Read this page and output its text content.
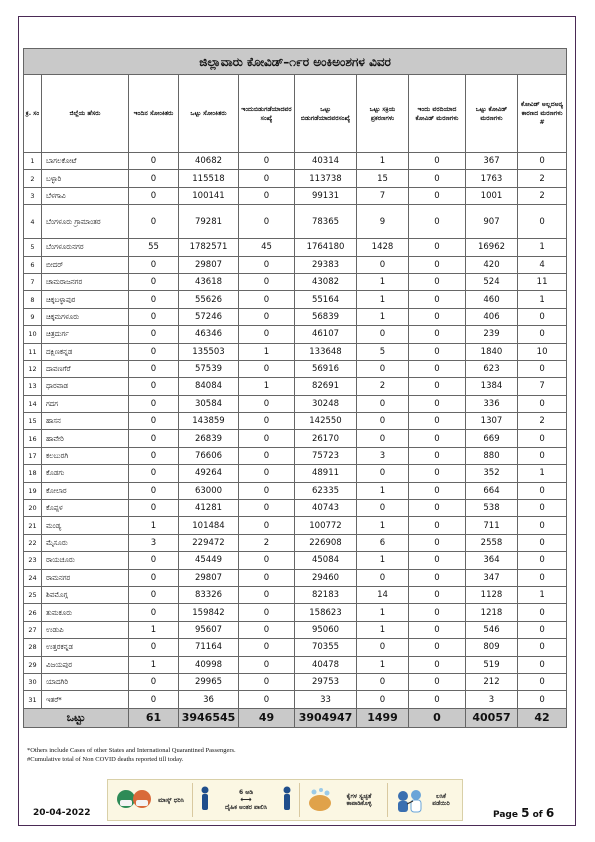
ಜಿಲ್ಲಾವಾರು ಕೋವಿಡ್–೧೯ರ ಅಂಕಿಅಂಶಗಳ ವಿವರ									
ಕ್ರ. ಸಂ	ಜಿಲ್ಲೆಯ ಹೆಸರು	ಇಂದಿನ ಸೋಂಕಿತರು	ಒಟ್ಟು ಸೋಂಕಿತರು	ಇಂದುಬಿಡುಗಡೆಯಾದವರಸಂಖ್ಯೆ	ಒಟ್ಟು ಬಿಡುಗಡೆಯಾದವರಸಂಖ್ಯೆ	ಒಟ್ಟು ಸಕ್ರಿಯ ಪ್ರಕರಣಗಳು	ಇಂದು ವರದಿಯಾದ ಕೋವಿಡ್ ಮರಣಗಳು	ಒಟ್ಟು ಕೋವಿಡ್ ಮರಣಗಳು	ಕೋವಿಡ್ ಅಲ್ಲದಅನ್ಯ ಕಾರಣದ ಮರಣಗಳು #
1	ಬಾಗಲಕೋಟೆ	0	40682	0	40314	1	0	367	0
2	ಬಳ್ಳಾರಿ	0	115518	0	113738	15	0	1763	2
3	ಬೆಳಗಾವಿ	0	100141	0	99131	7	0	1001	2
4	ಬೆಂಗಳೂರು ಗ್ರಾಮಾಂತರ	0	79281	0	78365	9	0	907	0
5	ಬೆಂಗಳೂರುನಗರ	55	1782571	45	1764180	1428	0	16962	1
6	ಬೀದರ್	0	29807	0	29383	0	0	420	4
7	ಚಾಮರಾಜನಗರ	0	43618	0	43082	1	0	524	11
8	ಚಿಕ್ಕಬಳ್ಳಾಪುರ	0	55626	0	55164	1	0	460	1
9	ಚಿಕ್ಕಮಗಳೂರು	0	57246	0	56839	1	0	406	0
10	ಚಿತ್ರದುರ್ಗ	0	46346	0	46107	0	0	239	0
11	ದಕ್ಷಿಣಕನ್ನಡ	0	135503	1	133648	5	0	1840	10
12	ದಾವಣಗೆರೆ	0	57539	0	56916	0	0	623	0
13	ಧಾರವಾಡ	0	84084	1	82691	2	0	1384	7
14	ಗದಗ	0	30584	0	30248	0	0	336	0
15	ಹಾಸನ	0	143859	0	142550	0	0	1307	2
16	ಹಾವೇರಿ	0	26839	0	26170	0	0	669	0
17	ಕಲಬುರಗಿ	0	76606	0	75723	3	0	880	0
18	ಕೊಡಗು	0	49264	0	48911	0	0	352	1
19	ಕೋಲಾರ	0	63000	0	62335	1	0	664	0
20	ಕೊಪ್ಪಳ	0	41281	0	40743	0	0	538	0
21	ಮಂಡ್ಯ	1	101484	0	100772	1	0	711	0
22	ಮೈಸೂರು	3	229472	2	226908	6	0	2558	0
23	ರಾಯಚೂರು	0	45449	0	45084	1	0	364	0
24	ರಾಮನಗರ	0	29807	0	29460	0	0	347	0
25	ಶಿವಮೊಗ್ಗ	0	83326	0	82183	14	0	1128	1
26	ತುಮಕೂರು	0	159842	0	158623	1	0	1218	0
27	ಉಡುಪಿ	1	95607	0	95060	1	0	546	0
28	ಉತ್ತರಕನ್ನಡ	0	71164	0	70355	0	0	809	0
29	ವಿಜಯಪುರ	1	40998	0	40478	1	0	519	0
30	ಯಾದಗಿರಿ	0	29965	0	29753	0	0	212	0
31	ಇತರೆ*	0	36	0	33	0	0	3	0
ಒಟ್ಟು		61	3946545	49	3904947	1499	0	40057	42
*Others include Cases of other States and International Quarantined Passengers.
#Cumulative total of Non COVID deaths reported till today.
20-04-2022
ಮಾಸ್ಕ್ ಧರಿಸಿ
6 ಅಡಿ
⟷
ದೈಹಿಕ ಅಂತರ ಪಾಲಿಸಿ
ಕೈಗಳ ಸ್ವಚ್ಛತೆ ಕಾಪಾಡಿಕೊಳ್ಳಿ
ಲಸಿಕೆ ಪಡೆಯಿರಿ
Page 5 of 6
